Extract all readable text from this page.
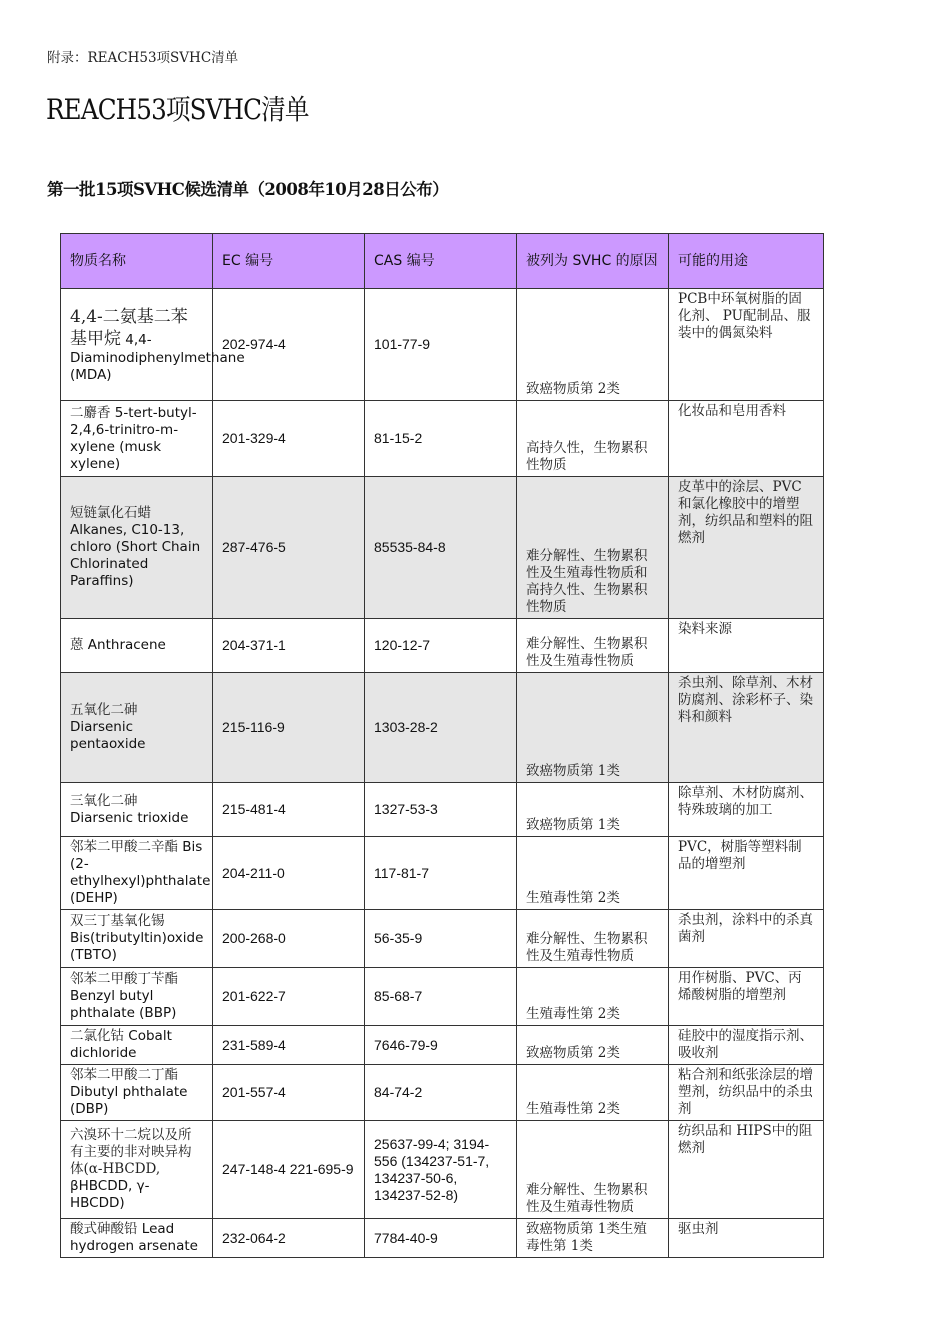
附录：REACH53项SVHC清单
REACH53项SVHC清单
第一批15项SVHC候选清单（2008年10月28日公布）
物质名称	EC 编号	CAS 编号	被列为 SVHC 的原因	可能的用途
4,4-二氨基二苯基甲烷 4,4-Diaminodiphenylmethane (MDA)	202-974-4	101-77-9	致癌物质第 2类	PCB中环氧树脂的固化剂、 PU配制品、服装中的偶氮染料
二麝香 5-tert-butyl-2,4,6-trinitro-m-xylene (musk xylene)	201-329-4	81-15-2	高持久性，生物累积性物质	化妆品和皂用香料
短链氯化石蜡 Alkanes, C10-13, chloro (Short Chain Chlorinated Paraffins)	287-476-5	85535-84-8	难分解性、生物累积性及生殖毒性物质和高持久性、生物累积性物质	皮革中的涂层、PVC和氯化橡胶中的增塑剂，纺织品和塑料的阻燃剂
蒽 Anthracene	204-371-1	120-12-7	难分解性、生物累积性及生殖毒性物质	染料来源
五氧化二砷 Diarsenic pentaoxide	215-116-9	1303-28-2	致癌物质第 1类	杀虫剂、除草剂、木材防腐剂、涂彩杯子、染料和颜料
三氧化二砷 Diarsenic trioxide	215-481-4	1327-53-3	致癌物质第 1类	除草剂、木材防腐剂、特殊玻璃的加工
邻苯二甲酸二辛酯 Bis (2-ethylhexyl)phthalate (DEHP)	204-211-0	117-81-7	生殖毒性第 2类	PVC，树脂等塑料制品的增塑剂
双三丁基氧化锡 Bis(tributyltin)oxide (TBTO)	200-268-0	56-35-9	难分解性、生物累积性及生殖毒性物质	杀虫剂，涂料中的杀真菌剂
邻苯二甲酸丁苄酯 Benzyl butyl phthalate (BBP)	201-622-7	85-68-7	生殖毒性第 2类	用作树脂、PVC、丙烯酸树脂的增塑剂
二氯化钴 Cobalt dichloride	231-589-4	7646-79-9	致癌物质第 2类	硅胶中的湿度指示剂、吸收剂
邻苯二甲酸二丁酯 Dibutyl phthalate (DBP)	201-557-4	84-74-2	生殖毒性第 2类	粘合剂和纸张涂层的增塑剂，纺织品中的杀虫剂
六溴环十二烷以及所有主要的非对映异构体(α-HBCDD, βHBCDD, γ-HBCDD)	247-148-4 221-695-9	25637-99-4; 3194-556 (134237-51-7, 134237-50-6, 134237-52-8)	难分解性、生物累积性及生殖毒性物质	纺织品和 HIPS中的阻燃剂
酸式砷酸铅 Lead hydrogen arsenate	232-064-2	7784-40-9	致癌物质第 1类生殖毒性第 1类	驱虫剂
